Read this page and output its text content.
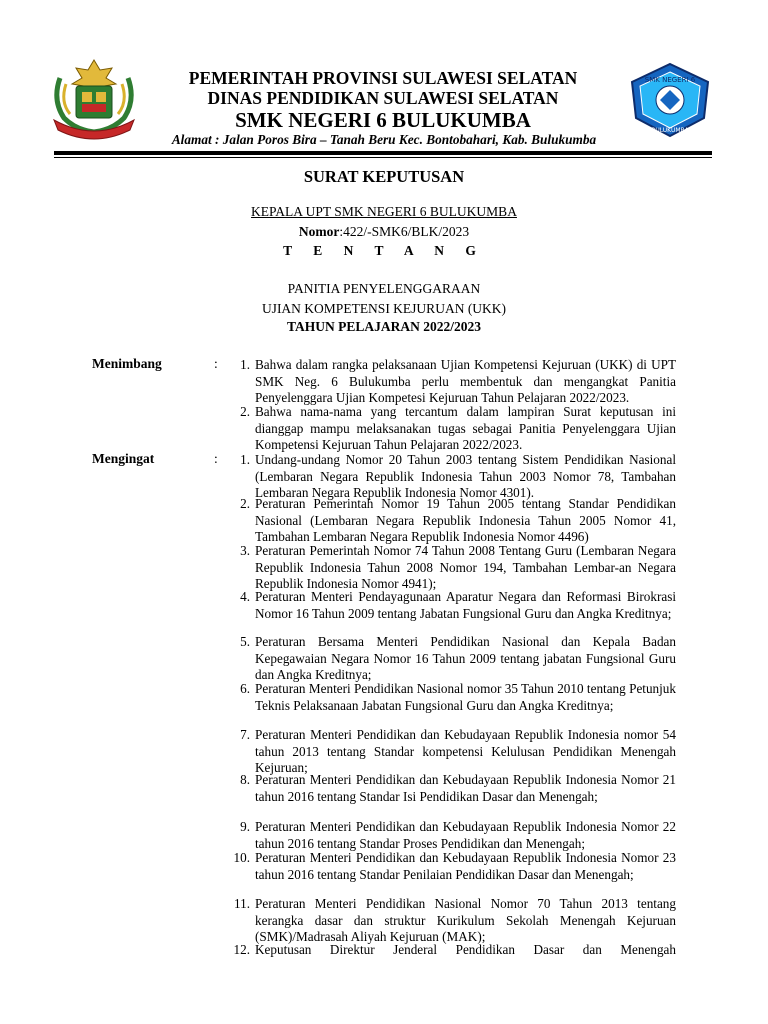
PEMERINTAH PROVINSI SULAWESI SELATAN
DINAS PENDIDIKAN SULAWESI SELATAN
SMK NEGERI 6 BULUKUMBA
SMK NEGERI 6
BULUKUMBA
Alamat : Jalan Poros Bira – Tanah Beru Kec. Bontobahari, Kab. Bulukumba
SURAT KEPUTUSAN
KEPALA UPT SMK NEGERI 6 BULUKUMBA
Nomor:422/-SMK6/BLK/2023
T E N T A N G
PANITIA PENYELENGGARAAN
UJIAN KOMPETENSI KEJURUAN (UKK)
TAHUN PELAJARAN 2022/2023
Menimbang	:	1. Bahwa dalam rangka pelaksanaan Ujian Kompetensi Kejuruan (UKK) di UPT SMK Neg. 6 Bulukumba perlu membentuk dan mengangkat Panitia Penyelenggara Ujian Kompetesi Kejuruan Tahun Pelajaran 2022/2023.
2. Bahwa nama-nama yang tercantum dalam lampiran Surat keputusan ini dianggap mampu melaksanakan tugas sebagai Panitia Penyelenggara Ujian Kompetensi Kejuruan Tahun Pelajaran 2022/2023.
Mengingat	:	1. Undang-undang Nomor 20 Tahun 2003 tentang Sistem Pendidikan Nasional (Lembaran Negara Republik Indonesia Tahun 2003 Nomor 78, Tambahan Lembaran Negara Republik Indonesia Nomor 4301).
2. Peraturan Pemerintah Nomor 19 Tahun 2005 tentang Standar Pendidikan Nasional (Lembaran Negara Republik Indonesia Tahun 2005 Nomor 41, Tambahan Lembaran Negara Republik Indonesia Nomor 4496)
3. Peraturan Pemerintah Nomor 74 Tahun 2008 Tentang Guru (Lembaran Negara Republik Indonesia Tahun 2008 Nomor 194, Tambahan Lembar-an Negara Republik Indonesia Nomor 4941);
4. Peraturan Menteri Pendayagunaan Aparatur Negara dan Reformasi Birokrasi Nomor 16 Tahun 2009 tentang Jabatan Fungsional Guru dan Angka Kreditnya;
5. Peraturan Bersama Menteri Pendidikan Nasional dan Kepala Badan Kepegawaian Negara Nomor 16 Tahun 2009 tentang jabatan Fungsional Guru dan Angka Kreditnya;
6. Peraturan Menteri Pendidikan Nasional nomor 35 Tahun 2010 tentang Petunjuk Teknis Pelaksanaan Jabatan Fungsional Guru dan Angka Kreditnya;
7. Peraturan Menteri Pendidikan dan Kebudayaan Republik Indonesia nomor 54 tahun 2013 tentang Standar kompetensi Kelulusan Pendidikan Menengah Kejuruan;
8. Peraturan Menteri Pendidikan dan Kebudayaan Republik Indonesia Nomor 21 tahun 2016 tentang Standar Isi Pendidikan Dasar dan Menengah;
9. Peraturan Menteri Pendidikan dan Kebudayaan Republik Indonesia Nomor 22 tahun 2016 tentang Standar Proses Pendidikan dan Menengah;
10. Peraturan Menteri Pendidikan dan Kebudayaan Republik Indonesia Nomor 23 tahun 2016 tentang Standar Penilaian Pendidikan Dasar dan Menengah;
11. Peraturan Menteri Pendidikan Nasional Nomor 70 Tahun 2013 tentang kerangka dasar dan struktur Kurikulum Sekolah Menengah Kejuruan (SMK)/Madrasah Aliyah Kejuruan (MAK);
12. Keputusan Direktur Jenderal Pendidikan Dasar dan Menengah
